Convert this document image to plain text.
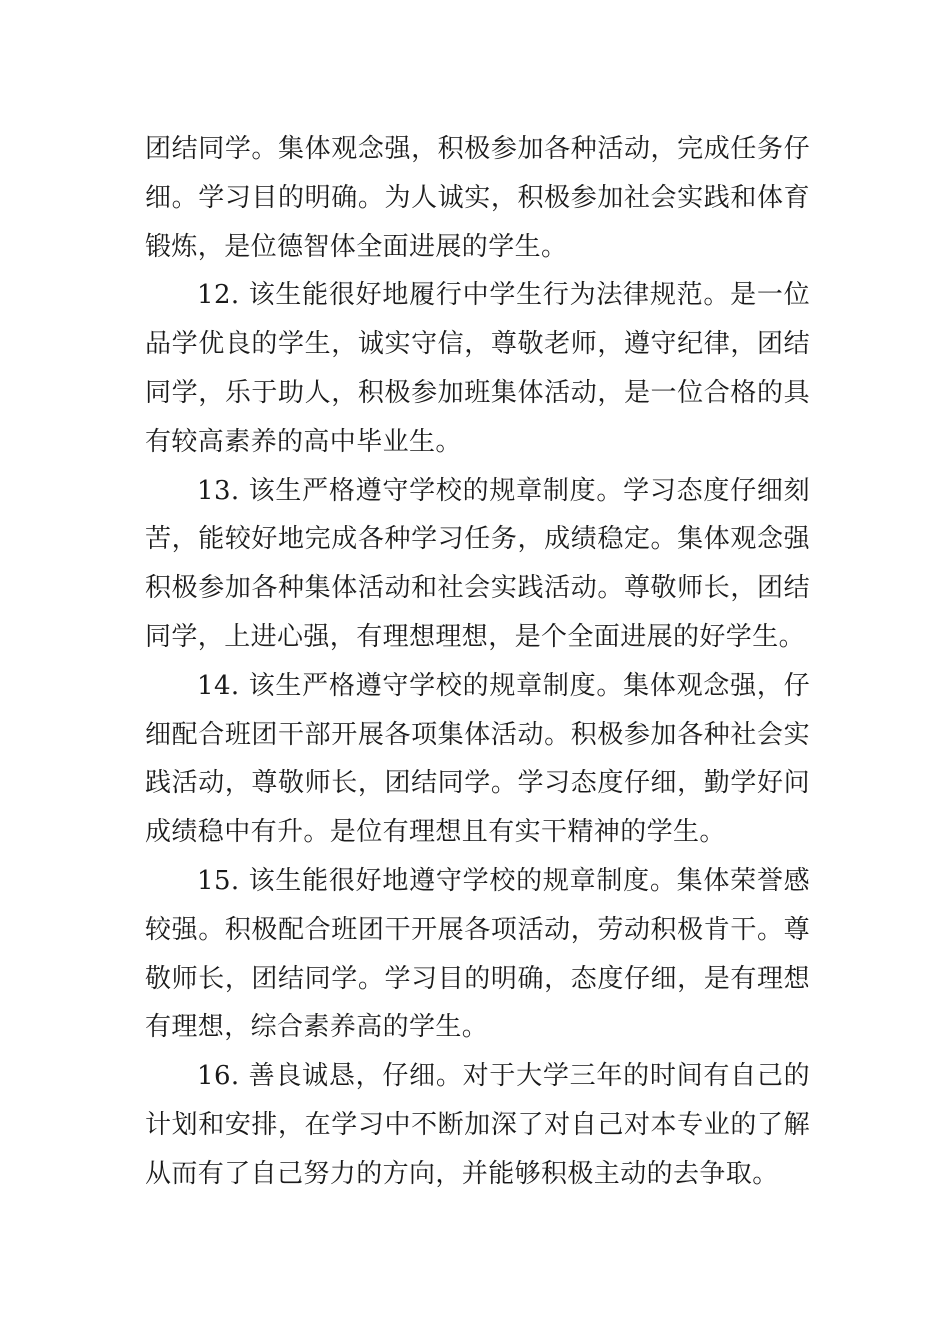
团结同学。集体观念强，积极参加各种活动，完成任务仔
细。学习目的明确。为人诚实，积极参加社会实践和体育
锻炼，是位德智体全面进展的学生。
12. 该生能很好地履行中学生行为法律规范。是一位
品学优良的学生，诚实守信，尊敬老师，遵守纪律，团结
同学，乐于助人，积极参加班集体活动，是一位合格的具
有较高素养的高中毕业生。
13. 该生严格遵守学校的规章制度。学习态度仔细刻
苦，能较好地完成各种学习任务，成绩稳定。集体观念强
积极参加各种集体活动和社会实践活动。尊敬师长，团结
同学，上进心强，有理想理想，是个全面进展的好学生。
14. 该生严格遵守学校的规章制度。集体观念强，仔
细配合班团干部开展各项集体活动。积极参加各种社会实
践活动，尊敬师长，团结同学。学习态度仔细，勤学好问
成绩稳中有升。是位有理想且有实干精神的学生。
15. 该生能很好地遵守学校的规章制度。集体荣誉感
较强。积极配合班团干开展各项活动，劳动积极肯干。尊
敬师长，团结同学。学习目的明确，态度仔细，是有理想
有理想，综合素养高的学生。
16. 善良诚恳，仔细。对于大学三年的时间有自己的
计划和安排，在学习中不断加深了对自己对本专业的了解
从而有了自己努力的方向，并能够积极主动的去争取。
